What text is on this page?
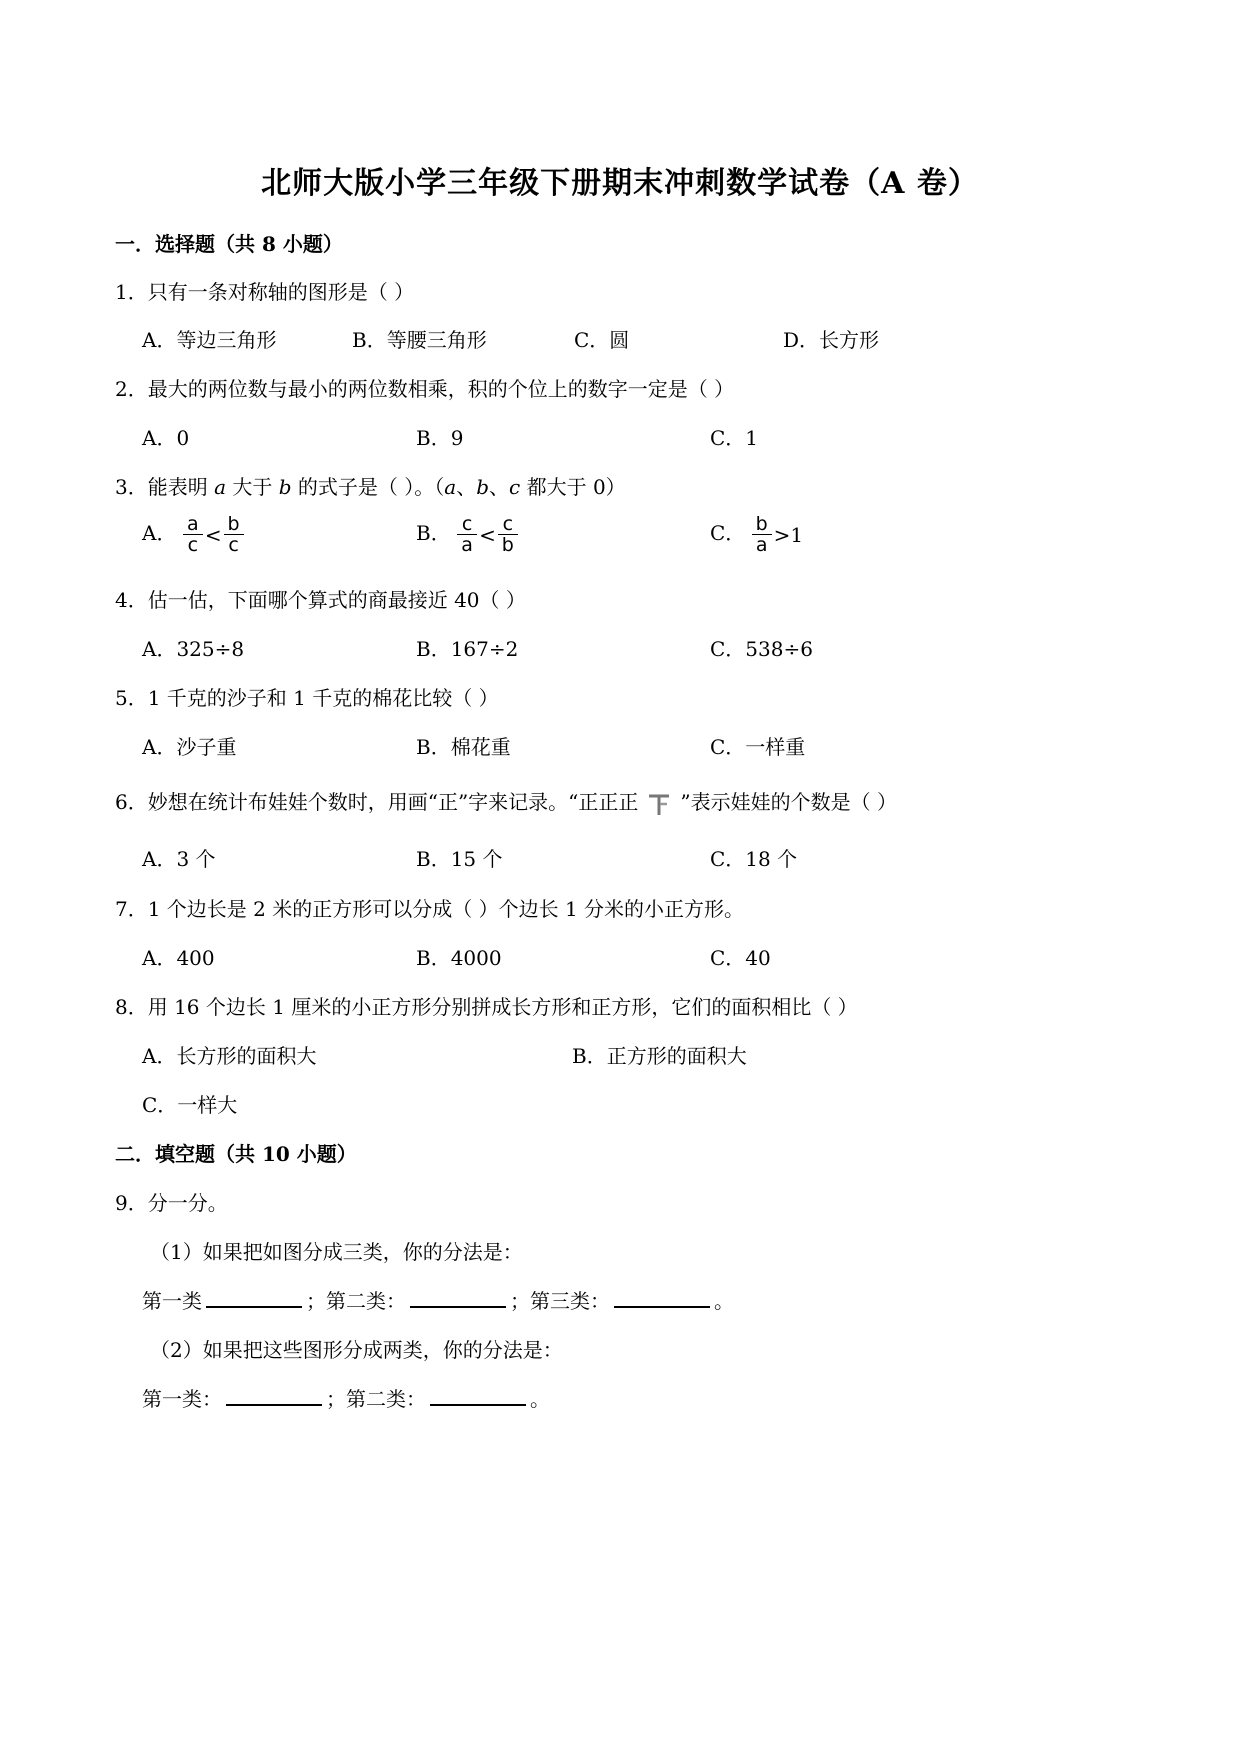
北师大版小学三年级下册期末冲刺数学试卷（A 卷）
一．选择题（共 8 小题）
1．只有一条对称轴的图形是（ ）
A．等边三角形	B．等腰三角形	C．圆	D．长方形
2．最大的两位数与最小的两位数相乘，积的个位上的数字一定是（ ）
A．0	B．9	C．1
3．能表明 a 大于 b 的式子是（ ）。（a、b、c 都大于 0）
A． $\frac{a}{c} < \frac{b}{c}$	B． $\frac{c}{a} < \frac{c}{b}$	C． $\frac{b}{a} >1$
4．估一估，下面哪个算式的商最接近 40（ ）
A．325÷8	B．167÷2	C．538÷6
5．1 千克的沙子和 1 千克的棉花比较（ ）
A．沙子重	B．棉花重	C．一样重
6．妙想在统计布娃娃个数时，用画“正”字来记录。“正正正 ”表示娃娃的个数是（ ）
A．3 个	B．15 个	C．18 个
7．1 个边长是 2 米的正方形可以分成（ ）个边长 1 分米的小正方形。
A．400	B．4000	C．40
8．用 16 个边长 1 厘米的小正方形分别拼成长方形和正方形，它们的面积相比（ ）
A．长方形的面积大	B．正方形的面积大
C．一样大
二．填空题（共 10 小题）
9．分一分。
（1）如果把如图分成三类，你的分法是：
第一类	；第二类：	；第三类：	。
（2）如果把这些图形分成两类，你的分法是：
第一类：	；第二类：	。
